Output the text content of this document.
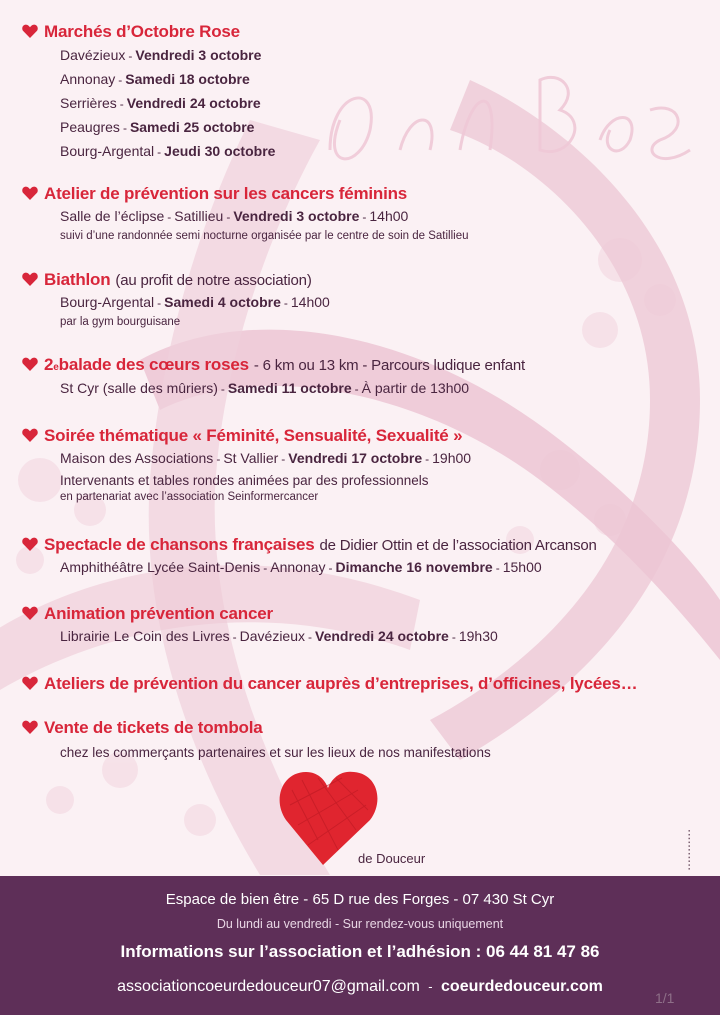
Marchés d’Octobre Rose
Davézieux - Vendredi 3 octobre
Annonay - Samedi 18 octobre
Serrières - Vendredi 24 octobre
Peaugres - Samedi 25 octobre
Bourg-Argental - Jeudi 30 octobre
Atelier de prévention sur les cancers féminins
Salle de l’éclipse - Satillieu - Vendredi 3 octobre - 14h00
suivi d’une randonnée semi nocturne organisée par le centre de soin de Satillieu
Biathlon (au profit de notre association)
Bourg-Argental - Samedi 4 octobre - 14h00
par la gym bourguisane
2 e balade des cœurs roses - 6 km ou 13 km - Parcours ludique enfant
St Cyr (salle des mûriers) - Samedi 11 octobre - À partir de 13h00
Soirée thématique « Féminité, Sensualité, Sexualité »
Maison des Associations - St Vallier - Vendredi 17 octobre - 19h00
Intervenants et tables rondes animées par des professionnels
en partenariat avec l’association Seinformercancer
Spectacle de chansons françaises de Didier Ottin et de l’association Arcanson
Amphithéâtre Lycée Saint-Denis - Annonay - Dimanche 16 novembre - 15h00
Animation prévention cancer
Librairie Le Coin des Livres - Davézieux - Vendredi 24 octobre - 19h30
Ateliers de prévention du cancer auprès d’entreprises, d’officines, lycées…
Vente de tickets de tombola
chez les commerçants partenaires et sur les lieux de nos manifestations
de Douceur	▪ ▪ ▪ ▪ ▪ ▪ ▪ ▪ ▪ ▪ ▪
Espace de bien être - 65 D rue des Forges - 07 430 St Cyr
Du lundi au vendredi - Sur rendez-vous uniquement
Informations sur l’association et l’adhésion : 06 44 81 47 86
associationcoeurdedouceur07@gmail.com - coeurdedouceur.com
1/1
